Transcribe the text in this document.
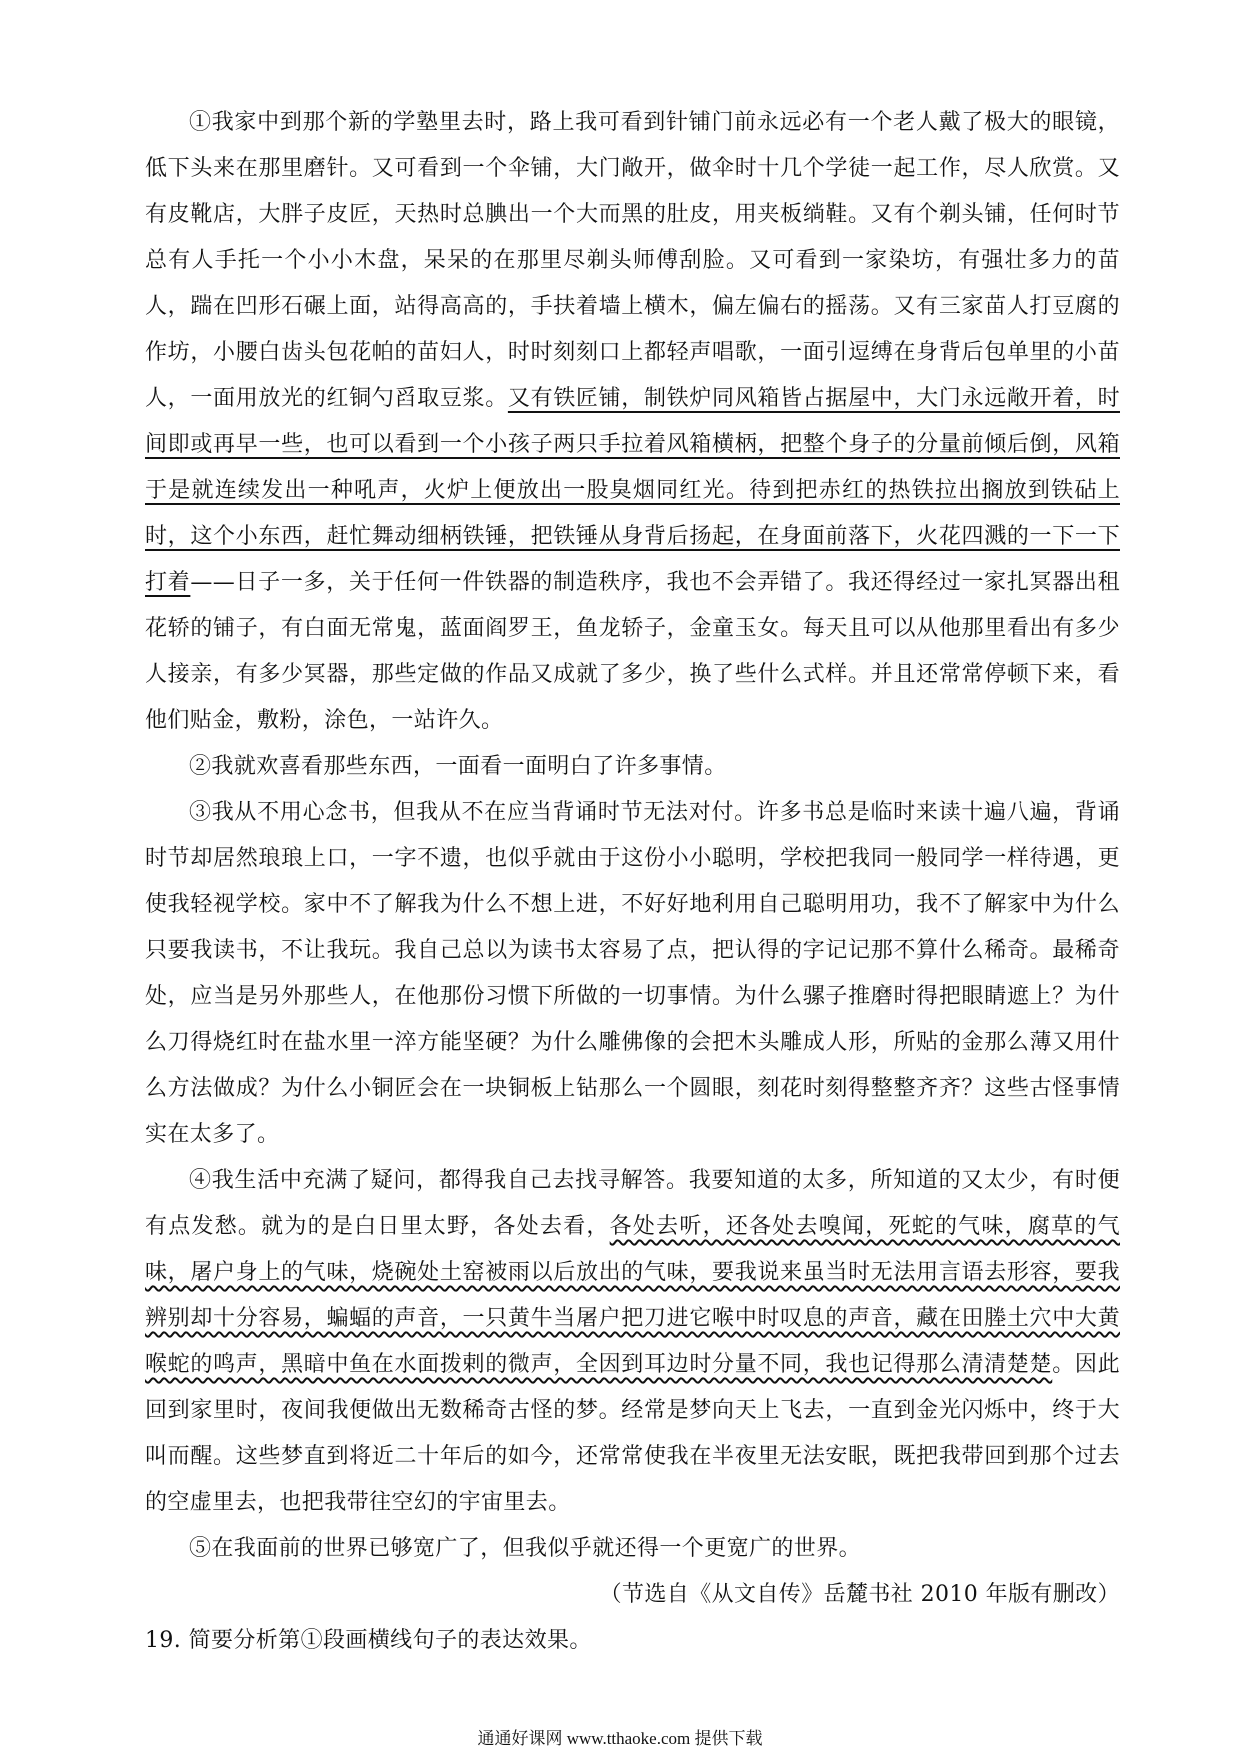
①我家中到那个新的学塾里去时，路上我可看到针铺门前永远必有一个老人戴了极大的眼镜，低下头来在那里磨针。又可看到一个伞铺，大门敞开，做伞时十几个学徒一起工作，尽人欣赏。又有皮靴店，大胖子皮匠，天热时总腆出一个大而黑的肚皮，用夹板绱鞋。又有个剃头铺，任何时节总有人手托一个小小木盘，呆呆的在那里尽剃头师傅刮脸。又可看到一家染坊，有强壮多力的苗人，踹在凹形石碾上面，站得高高的，手扶着墙上横木，偏左偏右的摇荡。又有三家苗人打豆腐的作坊，小腰白齿头包花帕的苗妇人，时时刻刻口上都轻声唱歌，一面引逗缚在身背后包单里的小苗人，一面用放光的红铜勺舀取豆浆。又有铁匠铺，制铁炉同风箱皆占据屋中，大门永远敞开着，时间即或再早一些，也可以看到一个小孩子两只手拉着风箱横柄，把整个身子的分量前倾后倒，风箱于是就连续发出一种吼声，火炉上便放出一股臭烟同红光。待到把赤红的热铁拉出搁放到铁砧上时，这个小东西，赶忙舞动细柄铁锤，把铁锤从身背后扬起，在身面前落下，火花四溅的一下一下打着——日子一多，关于任何一件铁器的制造秩序，我也不会弄错了。我还得经过一家扎冥器出租花轿的铺子，有白面无常鬼，蓝面阎罗王，鱼龙轿子，金童玉女。每天且可以从他那里看出有多少人接亲，有多少冥器，那些定做的作品又成就了多少，换了些什么式样。并且还常常停顿下来，看他们贴金，敷粉，涂色，一站许久。

②我就欢喜看那些东西，一面看一面明白了许多事情。

③我从不用心念书，但我从不在应当背诵时节无法对付。许多书总是临时来读十遍八遍，背诵时节却居然琅琅上口，一字不遗，也似乎就由于这份小小聪明，学校把我同一般同学一样待遇，更使我轻视学校。家中不了解我为什么不想上进，不好好地利用自己聪明用功，我不了解家中为什么只要我读书，不让我玩。我自己总以为读书太容易了点，把认得的字记记那不算什么稀奇。最稀奇处，应当是另外那些人，在他那份习惯下所做的一切事情。为什么骡子推磨时得把眼睛遮上？为什么刀得烧红时在盐水里一淬方能坚硬？为什么雕佛像的会把木头雕成人形，所贴的金那么薄又用什么方法做成？为什么小铜匠会在一块铜板上钻那么一个圆眼，刻花时刻得整整齐齐？这些古怪事情实在太多了。

④我生活中充满了疑问，都得我自己去找寻解答。我要知道的太多，所知道的又太少，有时便有点发愁。就为的是白日里太野，各处去看，各处去听，还各处去嗅闻，死蛇的气味，腐草的气味，屠户身上的气味，烧碗处土窑被雨以后放出的气味，要我说来虽当时无法用言语去形容，要我辨别却十分容易，蝙蝠的声音，一只黄牛当屠户把刀进它喉中时叹息的声音，藏在田塍土穴中大黄喉蛇的鸣声，黑暗中鱼在水面拨剌的微声，全因到耳边时分量不同，我也记得那么清清楚楚。因此回到家里时，夜间我便做出无数稀奇古怪的梦。经常是梦向天上飞去，一直到金光闪烁中，终于大叫而醒。这些梦直到将近二十年后的如今，还常常使我在半夜里无法安眠，既把我带回到那个过去的空虚里去，也把我带往空幻的宇宙里去。

⑤在我面前的世界已够宽广了，但我似乎就还得一个更宽广的世界。

（节选自《从文自传》岳麓书社 2010 年版有删改）

19. 简要分析第①段画横线句子的表达效果。

通通好课网 www.tthaoke.com 提供下载
